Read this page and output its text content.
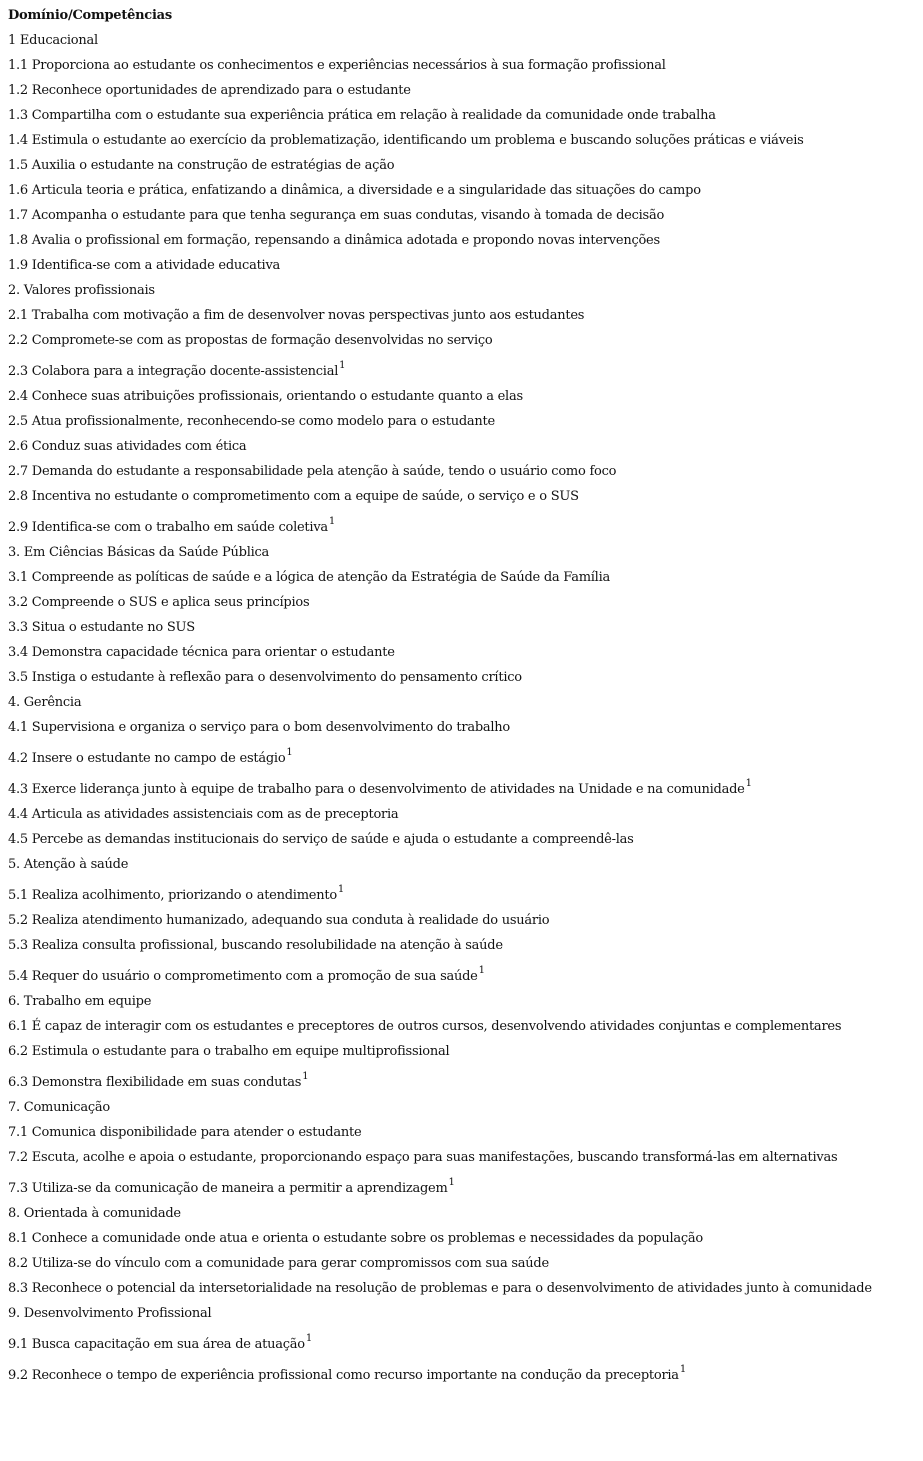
Domínio/Competências
1 Educacional
1.1 Proporciona ao estudante os conhecimentos e experiências necessários à sua formação profissional
1.2 Reconhece oportunidades de aprendizado para o estudante
1.3 Compartilha com o estudante sua experiência prática em relação à realidade da comunidade onde trabalha
1.4 Estimula o estudante ao exercício da problematização, identificando um problema e buscando soluções práticas e viáveis
1.5 Auxilia o estudante na construção de estratégias de ação
1.6 Articula teoria e prática, enfatizando a dinâmica, a diversidade e a singularidade das situações do campo
1.7 Acompanha o estudante para que tenha segurança em suas condutas, visando à tomada de decisão
1.8 Avalia o profissional em formação, repensando a dinâmica adotada e propondo novas intervenções
1.9 Identifica-se com a atividade educativa
2. Valores profissionais
2.1 Trabalha com motivação a fim de desenvolver novas perspectivas junto aos estudantes
2.2 Compromete-se com as propostas de formação desenvolvidas no serviço
2.3 Colabora para a integração docente-assistencial$^1$
2.4 Conhece suas atribuições profissionais, orientando o estudante quanto a elas
2.5 Atua profissionalmente, reconhecendo-se como modelo para o estudante
2.6 Conduz suas atividades com ética
2.7 Demanda do estudante a responsabilidade pela atenção à saúde, tendo o usuário como foco
2.8 Incentiva no estudante o comprometimento com a equipe de saúde, o serviço e o SUS
2.9 Identifica-se com o trabalho em saúde coletiva$^1$
3. Em Ciências Básicas da Saúde Pública
3.1 Compreende as políticas de saúde e a lógica de atenção da Estratégia de Saúde da Família
3.2 Compreende o SUS e aplica seus princípios
3.3 Situa o estudante no SUS
3.4 Demonstra capacidade técnica para orientar o estudante
3.5 Instiga o estudante à reflexão para o desenvolvimento do pensamento crítico
4. Gerência
4.1 Supervisiona e organiza o serviço para o bom desenvolvimento do trabalho
4.2 Insere o estudante no campo de estágio$^1$
4.3 Exerce liderança junto à equipe de trabalho para o desenvolvimento de atividades na Unidade e na comunidade$^1$
4.4 Articula as atividades assistenciais com as de preceptoria
4.5 Percebe as demandas institucionais do serviço de saúde e ajuda o estudante a compreendê-las
5. Atenção à saúde
5.1 Realiza acolhimento, priorizando o atendimento$^1$
5.2 Realiza atendimento humanizado, adequando sua conduta à realidade do usuário
5.3 Realiza consulta profissional, buscando resolubilidade na atenção à saúde
5.4 Requer do usuário o comprometimento com a promoção de sua saúde$^1$
6. Trabalho em equipe
6.1 É capaz de interagir com os estudantes e preceptores de outros cursos, desenvolvendo atividades conjuntas e complementares
6.2 Estimula o estudante para o trabalho em equipe multiprofissional
6.3 Demonstra flexibilidade em suas condutas$^1$
7. Comunicação
7.1 Comunica disponibilidade para atender o estudante
7.2 Escuta, acolhe e apoia o estudante, proporcionando espaço para suas manifestações, buscando transformá-las em alternativas
7.3 Utiliza-se da comunicação de maneira a permitir a aprendizagem$^1$
8. Orientada à comunidade
8.1 Conhece a comunidade onde atua e orienta o estudante sobre os problemas e necessidades da população
8.2 Utiliza-se do vínculo com a comunidade para gerar compromissos com sua saúde
8.3 Reconhece o potencial da intersetorialidade na resolução de problemas e para o desenvolvimento de atividades junto à comunidade
9. Desenvolvimento Profissional
9.1 Busca capacitação em sua área de atuação$^1$
9.2 Reconhece o tempo de experiência profissional como recurso importante na condução da preceptoria$^1$
